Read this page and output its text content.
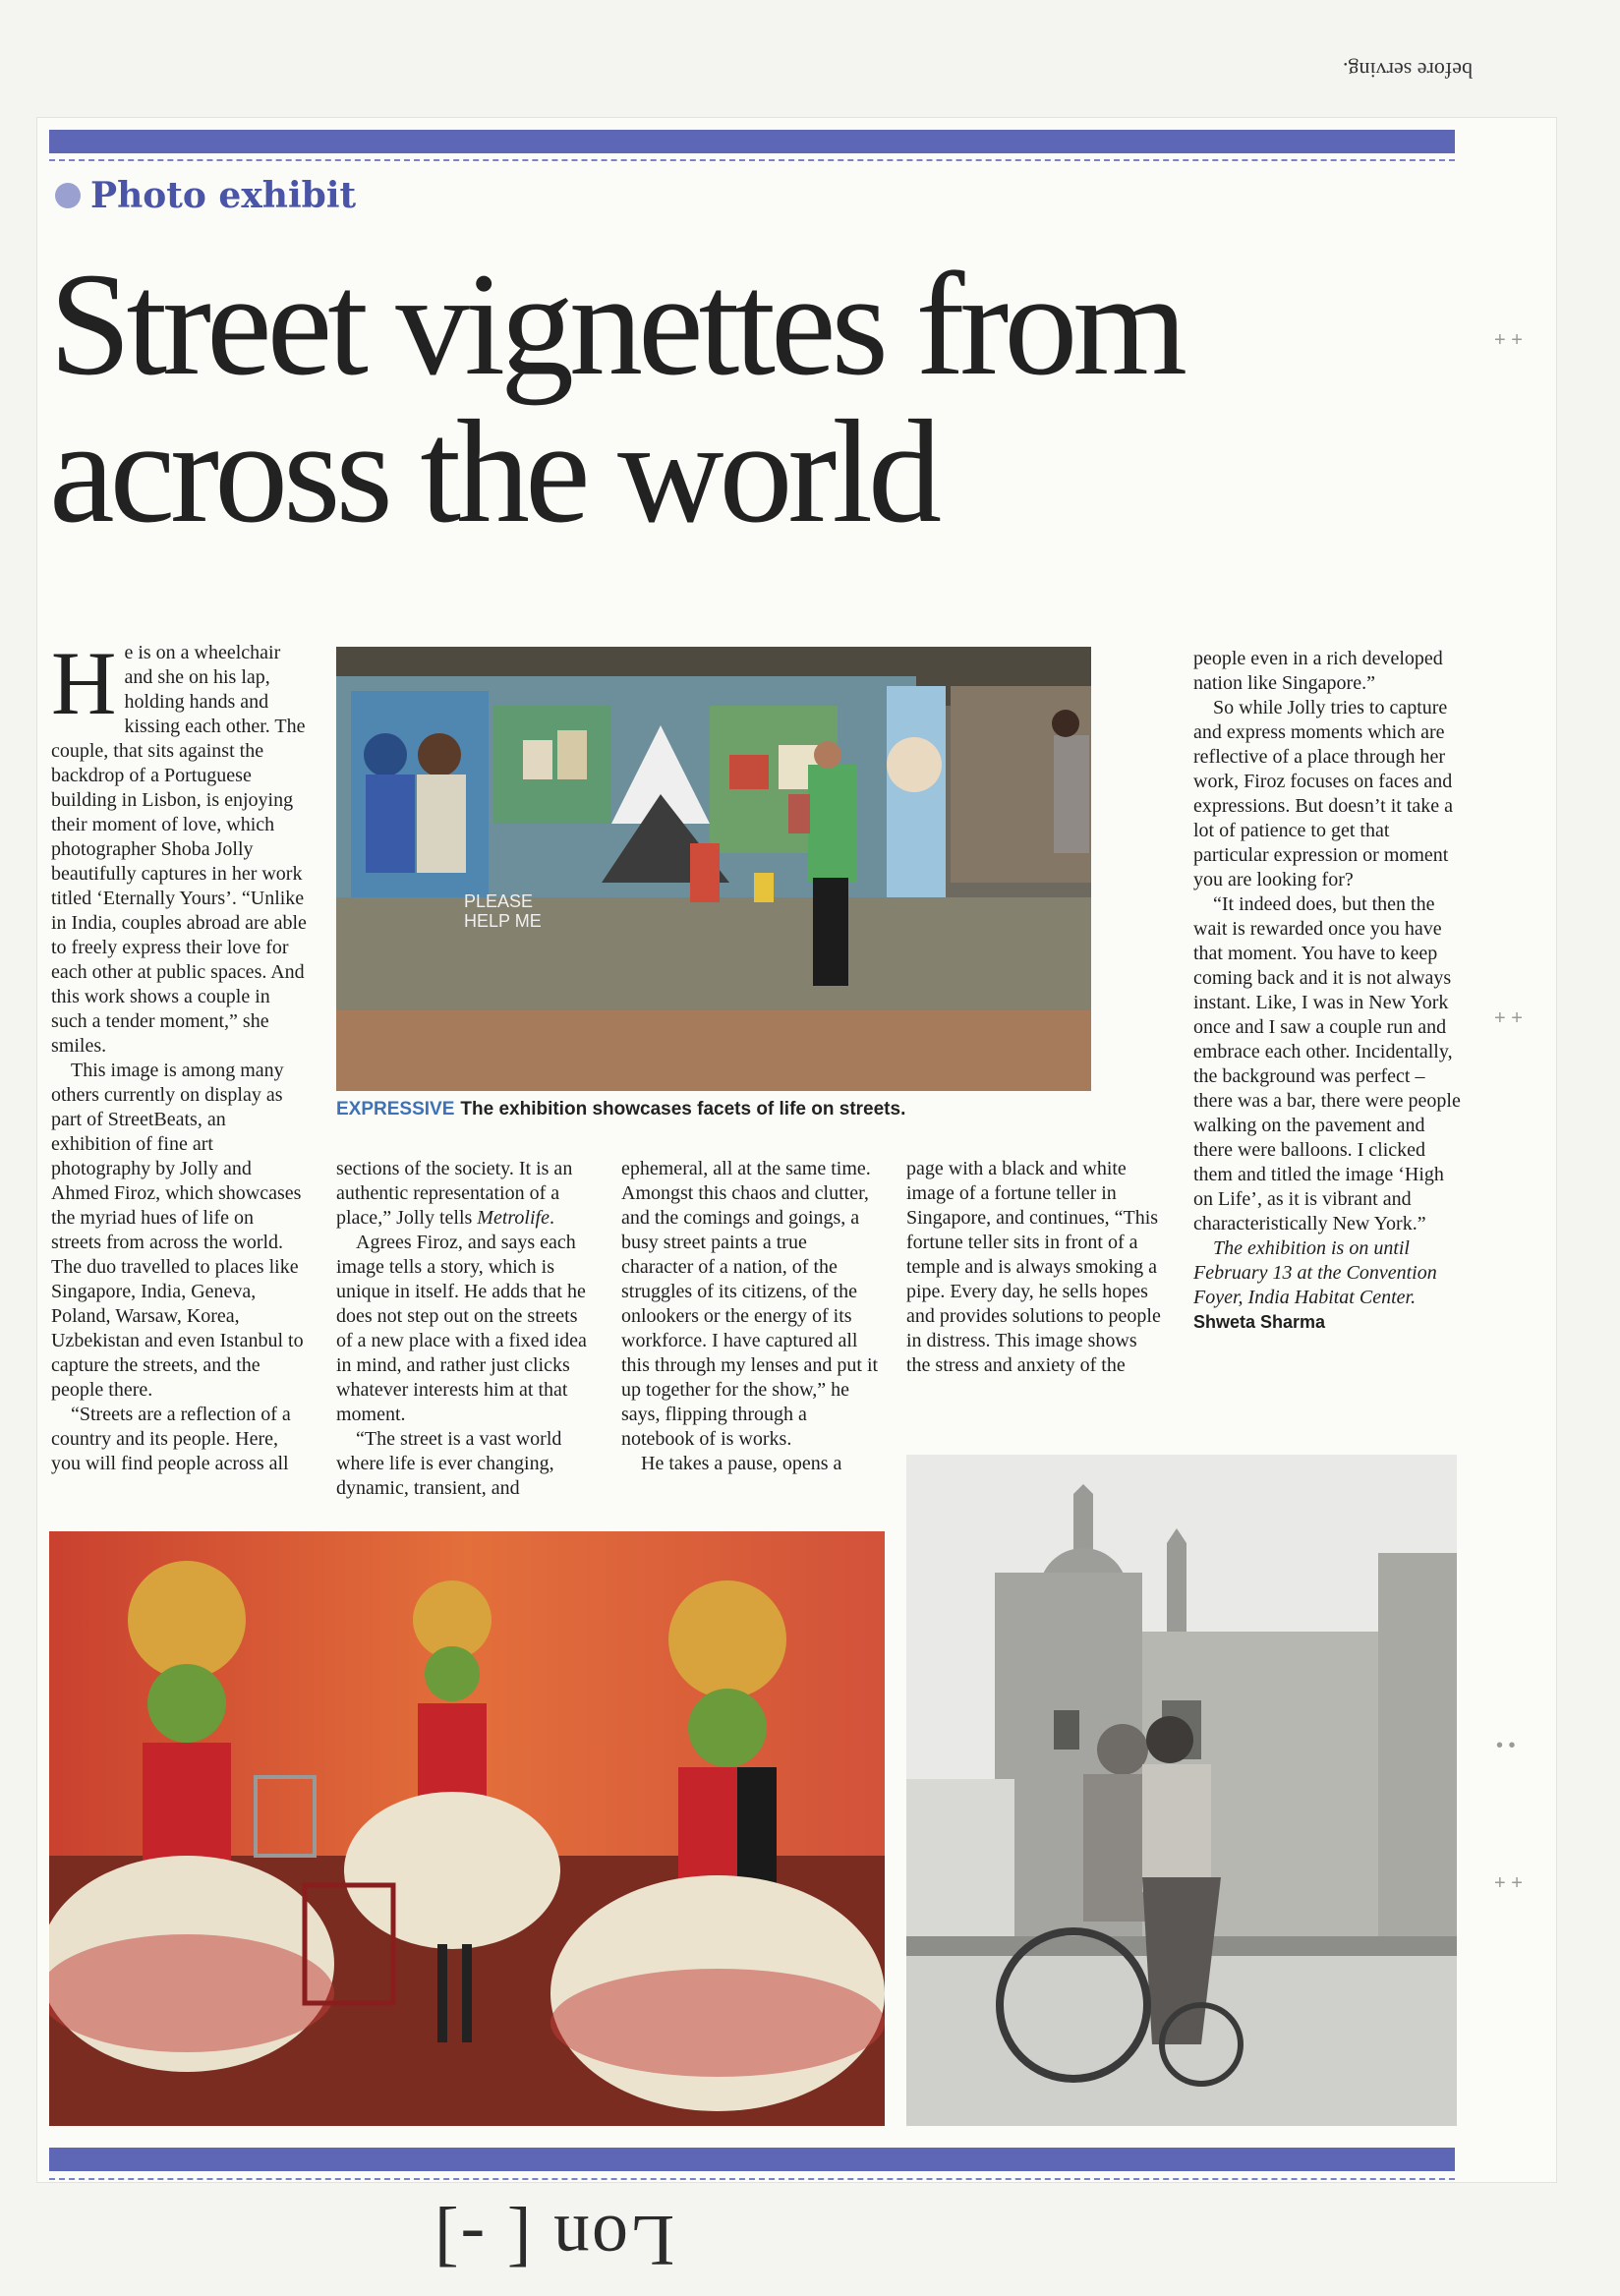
before serving.
Photo exhibit
Street vignettes from
across the world

He is on a wheelchair and she on his lap, holding hands and kissing each other. The couple, that sits against the backdrop of a Portuguese building in Lisbon, is enjoying their moment of love, which photographer Shoba Jolly beautifully captures in her work titled ‘Eternally Yours’. “Unlike in India, couples abroad are able to freely express their love for each other at public spaces. And this work shows a couple in such a tender moment,” she smiles.

This image is among many others currently on display as part of StreetBeats, an exhibition of fine art photography by Jolly and Ahmed Firoz, which showcases the myriad hues of life on streets from across the world. The duo travelled to places like Singapore, India, Geneva, Poland, Warsaw, Korea, Uzbekistan and even Istanbul to capture the streets, and the people there.

“Streets are a reflection of a country and its people. Here, you will find people across all

PLEASE
HELP ME
EXPRESSIVE The exhibition showcases facets of life on streets.

sections of the society. It is an authentic representation of a place,” Jolly tells Metrolife.

Agrees Firoz, and says each image tells a story, which is unique in itself. He adds that he does not step out on the streets of a new place with a fixed idea in mind, and rather just clicks whatever interests him at that moment.

“The street is a vast world where life is ever changing, dynamic, transient, and

ephemeral, all at the same time. Amongst this chaos and clutter, and the comings and goings, a busy street paints a true character of a nation, of the struggles of its citizens, of the onlookers or the energy of its workforce. I have captured all this through my lenses and put it up together for the show,” he says, flipping through a notebook of is works.

He takes a pause, opens a

page with a black and white image of a fortune teller in Singapore, and continues, “This fortune teller sits in front of a temple and is always smoking a pipe. Every day, he sells hopes and provides solutions to people in distress. This image shows the stress and anxiety of the

people even in a rich developed nation like Singapore.”

So while Jolly tries to capture and express moments which are reflective of a place through her work, Firoz focuses on faces and expressions. But doesn’t it take a lot of patience to get that particular expression or moment you are looking for?

“It indeed does, but then the wait is rewarded once you have that moment. You have to keep coming back and it is not always instant. Like, I was in New York once and I saw a couple run and embrace each other. Incidentally, the background was perfect – there was a bar, there were people walking on the pavement and there were balloons. I clicked them and titled the image ‘High on Life’, as it is vibrant and characteristically New York.”

The exhibition is on until February 13 at the Convention Foyer, India Habitat Center.

Shweta Sharma

+ +
+ +
• •
+ +
Lon [ -]
